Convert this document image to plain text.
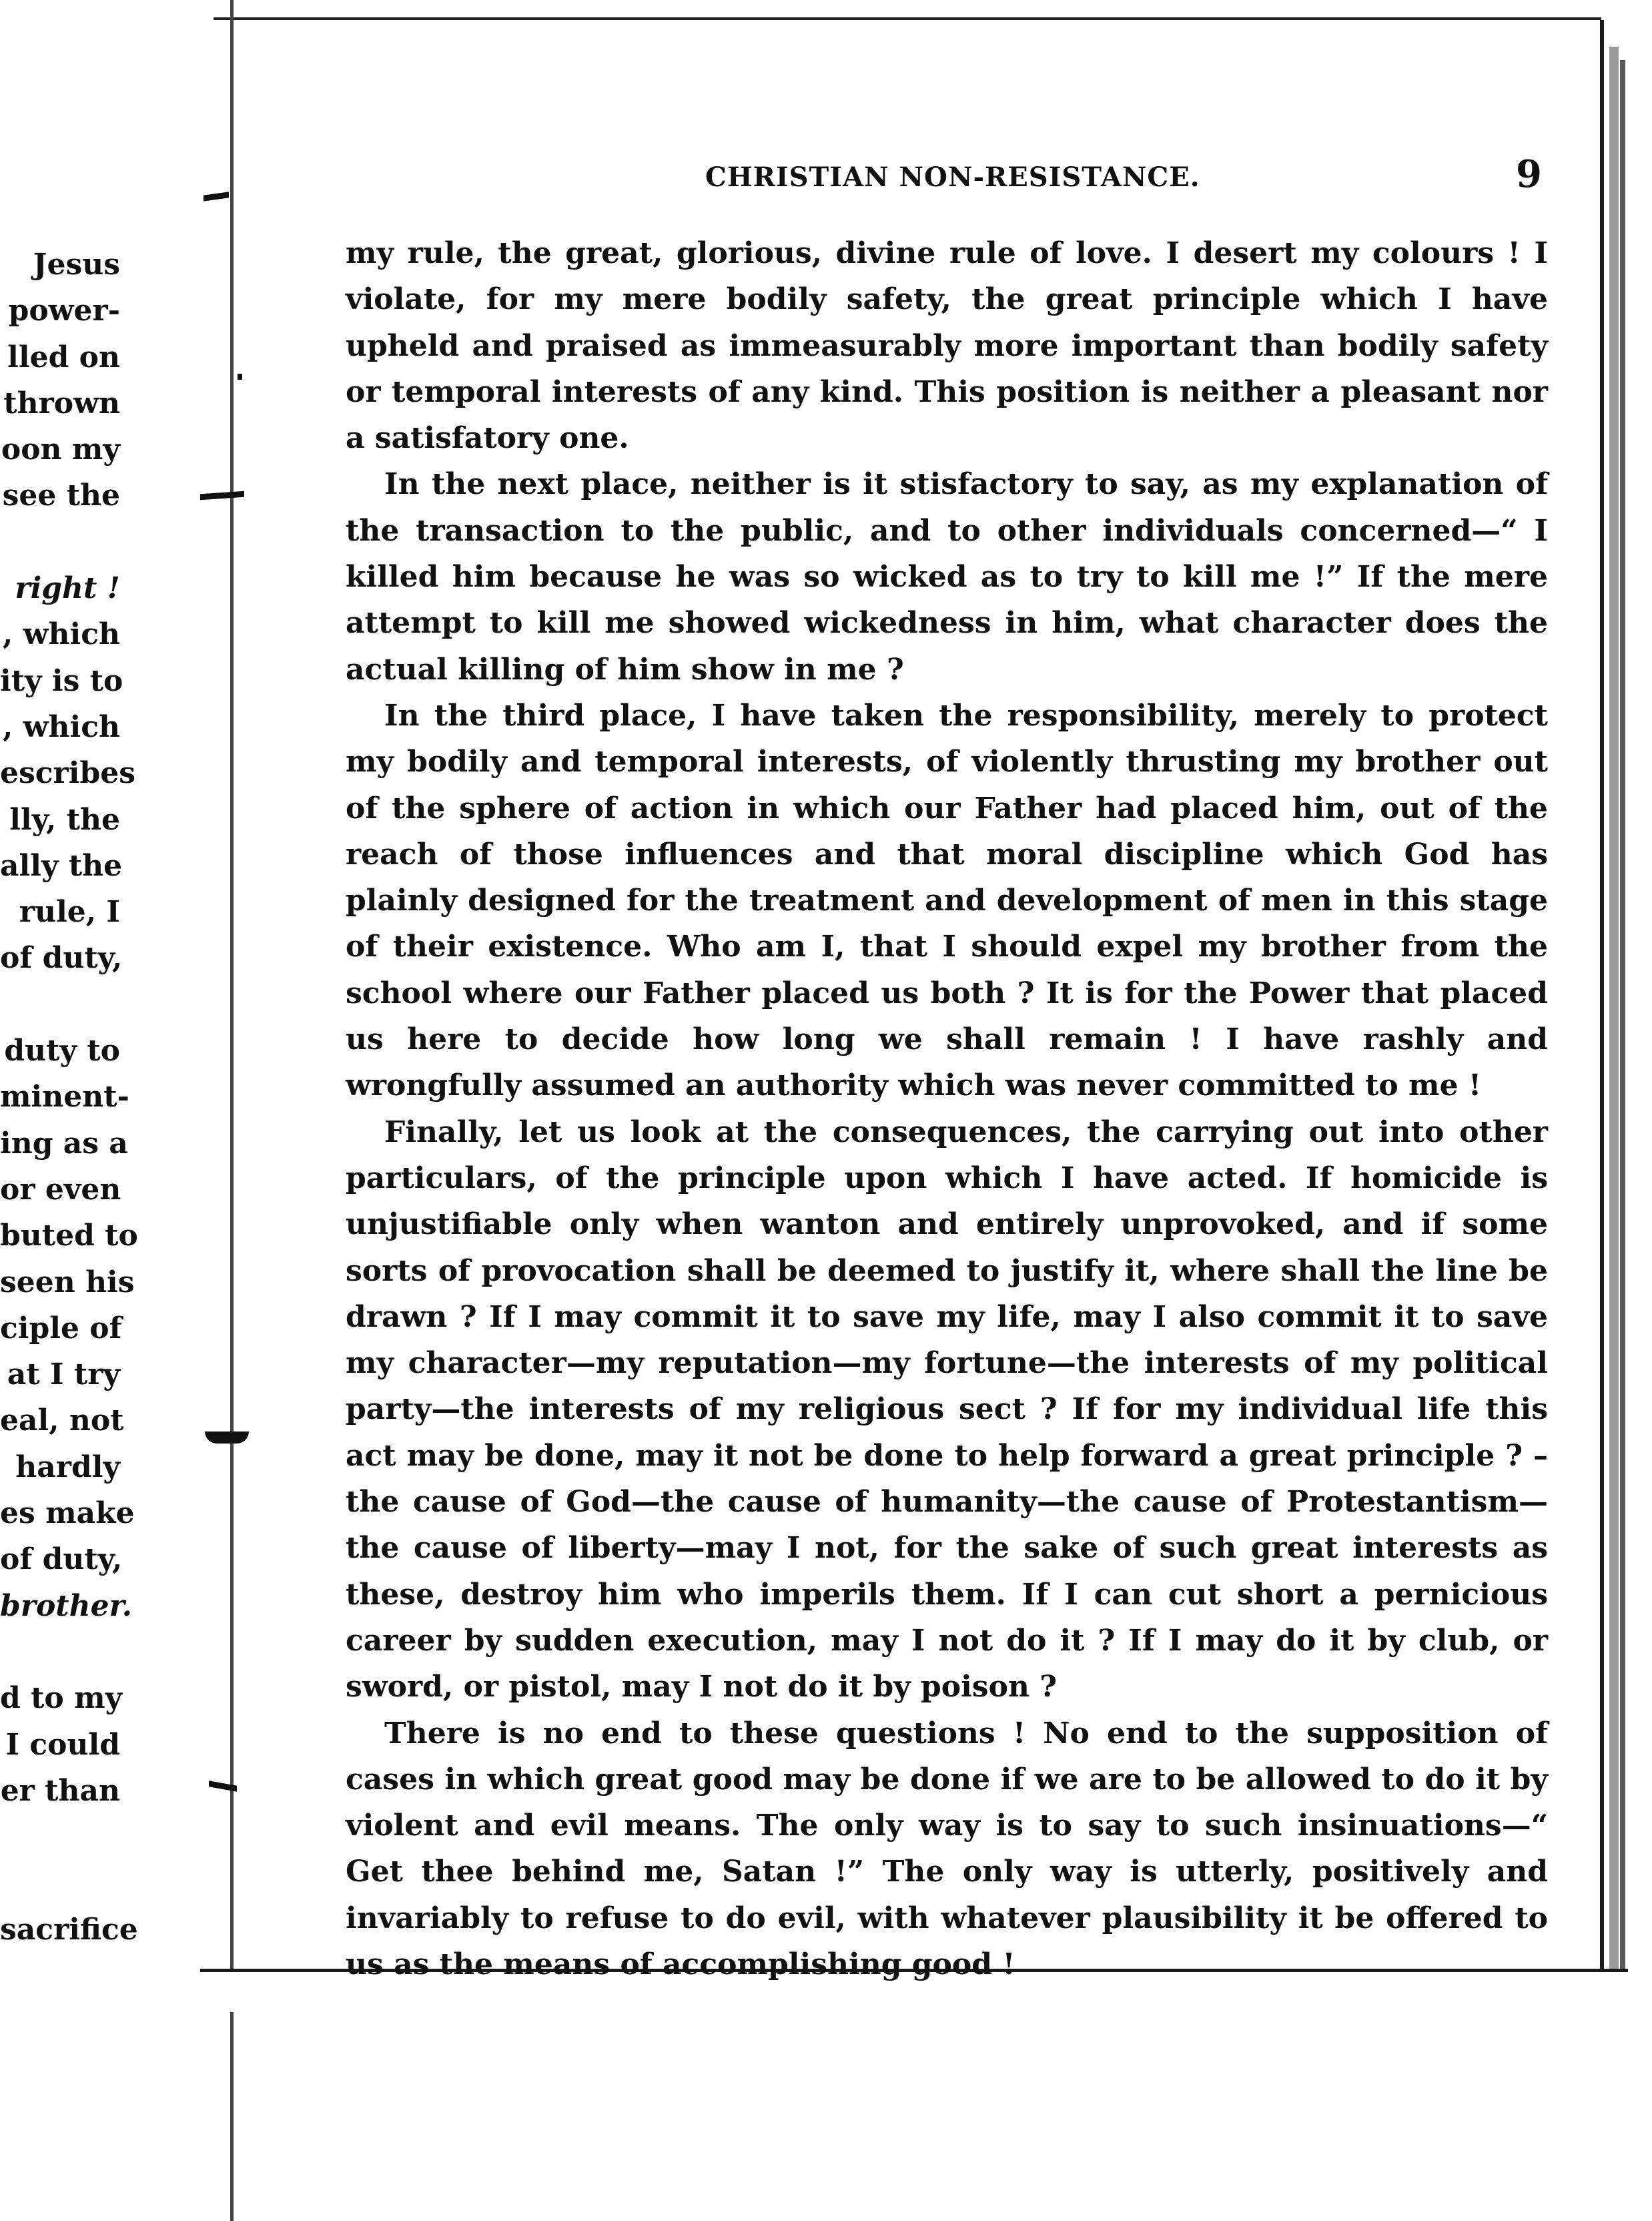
Jesus
power-
lled on
thrown
oon my
see the
right !
, which
ity is to
, which
escribes
lly, the
ally the
rule, I
of duty,
duty to
minent-
ing as a
or even
buted to
seen his
ciple of
at I try
eal, not
hardly
es make
of duty,
brother.
d to my
I could
er than
sacrifice
CHRISTIAN NON-RESISTANCE.	9

my rule, the great, glorious, divine rule of love. I desert my colours ! I violate, for my mere bodily safety, the great principle which I have upheld and praised as immeasurably more important than bodily safety or temporal interests of any kind. This position is neither a pleasant nor a satisfatory one.

In the next place, neither is it stisfactory to say, as my explanation of the transaction to the public, and to other individuals concerned—“ I killed him because he was so wicked as to try to kill me !” If the mere attempt to kill me showed wickedness in him, what character does the actual killing of him show in me ?

In the third place, I have taken the responsibility, merely to protect my bodily and temporal interests, of violently thrusting my brother out of the sphere of action in which our Father had placed him, out of the reach of those influences and that moral discipline which God has plainly designed for the treatment and development of men in this stage of their existence. Who am I, that I should expel my brother from the school where our Father placed us both ? It is for the Power that placed us here to decide how long we shall remain ! I have rashly and wrongfully assumed an authority which was never committed to me !

Finally, let us look at the consequences, the carrying out into other particulars, of the principle upon which I have acted. If homicide is unjustifiable only when wanton and entirely unprovoked, and if some sorts of provocation shall be deemed to justify it, where shall the line be drawn ? If I may commit it to save my life, may I also commit it to save my character—my reputation—my fortune—the interests of my political party—the interests of my religious sect ? If for my individual life this act may be done, may it not be done to help forward a great principle ? – the cause of God—the cause of humanity—the cause of Protestantism—the cause of liberty—may I not, for the sake of such great interests as these, destroy him who imperils them. If I can cut short a pernicious career by sudden execution, may I not do it ? If I may do it by club, or sword, or pistol, may I not do it by poison ?

There is no end to these questions ! No end to the supposition of cases in which great good may be done if we are to be allowed to do it by violent and evil means. The only way is to say to such insinuations—“ Get thee behind me, Satan !” The only way is utterly, positively and invariably to refuse to do evil, with whatever plausibility it be offered to us as the means of accomplishing good !
